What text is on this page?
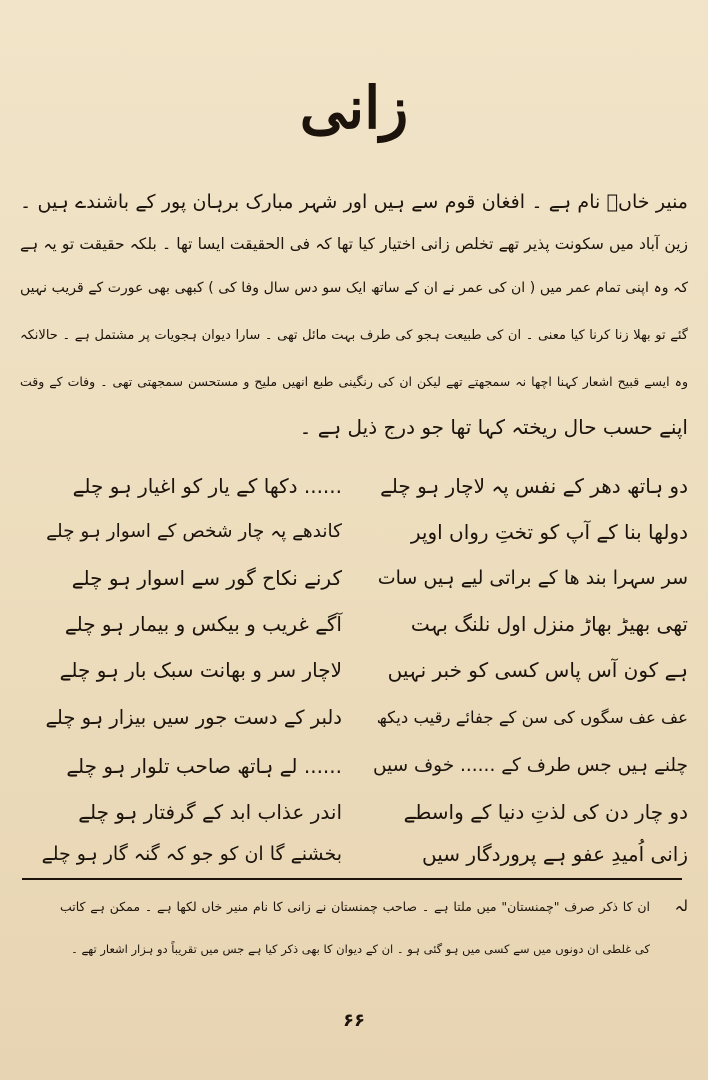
زانی
منیر خاںؒ نام ہے ۔ افغان قوم سے ہیں اور شہر مبارک برہان پور کے باشندے ہیں ۔
زین آباد میں سکونت پذیر تھے تخلص زانی اختیار کیا تھا کہ فی الحقیقت ایسا تھا ۔ بلکہ حقیقت تو یہ ہے
کہ وہ اپنی تمام عمر میں ( ان کی عمر نے ان کے ساتھ ایک سو دس سال وفا کی ) کبھی بھی عورت کے قریب نہیں
گئے تو بھلا زنا کرنا کیا معنی ۔ ان کی طبیعت ہجو کی طرف بہت مائل تھی ۔ سارا دیوان ہجویات پر مشتمل ہے ۔ حالانکہ
وہ ایسے قبیح اشعار کہنا اچھا نہ سمجھتے تھے لیکن ان کی رنگینی طبع انھیں ملیح و مستحسن سمجھتی تھی ۔ وفات کے وقت
اپنے حسب حال ریختہ کہا تھا جو درج ذیل ہے ۔
دو ہاتھ دھر کے نفس پہ لاچار ہو چلے
...... دکھا کے یار کو اغیار ہو چلے
دولھا بنا کے آپ کو تختِ رواں اوپر
کاندھے پہ چار شخص کے اسوار ہو چلے
سر سہرا بند ھا کے براتی لیے ہیں سات
کرنے نکاح گور سے اسوار ہو چلے
تھی بھیڑ بھاڑ منزل اول نلنگ بہت
آگے غریب و بیکس و بیمار ہو چلے
ہے کون آس پاس کسی کو خبر نہیں
لاچار سر و بھانت سبک بار ہو چلے
عف عف سگوں کی سن کے جفائے رقیب دیکھ
دلبر کے دست جور سیں بیزار ہو چلے
چلنے ہیں جس طرف کے ...... خوف سیں
...... لے ہاتھ صاحب تلوار ہو چلے
دو چار دن کی لذتِ دنیا کے واسطے
اندر عذاب ابد کے گرفتار ہو چلے
زانی اُمیدِ عفو ہے پروردگار سیں
بخشنے گا ان کو جو کہ گنہ گار ہو چلے
لہ
ان کا ذکر صرف "چمنستان" میں ملتا ہے ۔ صاحب چمنستان نے زانی کا نام منیر خاں لکھا ہے ۔ ممکن ہے کاتب
کی غلطی ان دونوں میں سے کسی میں ہو گئی ہو ۔ ان کے دیوان کا بھی ذکر کیا ہے جس میں تقریباً دو ہزار اشعار تھے ۔
۶۶
